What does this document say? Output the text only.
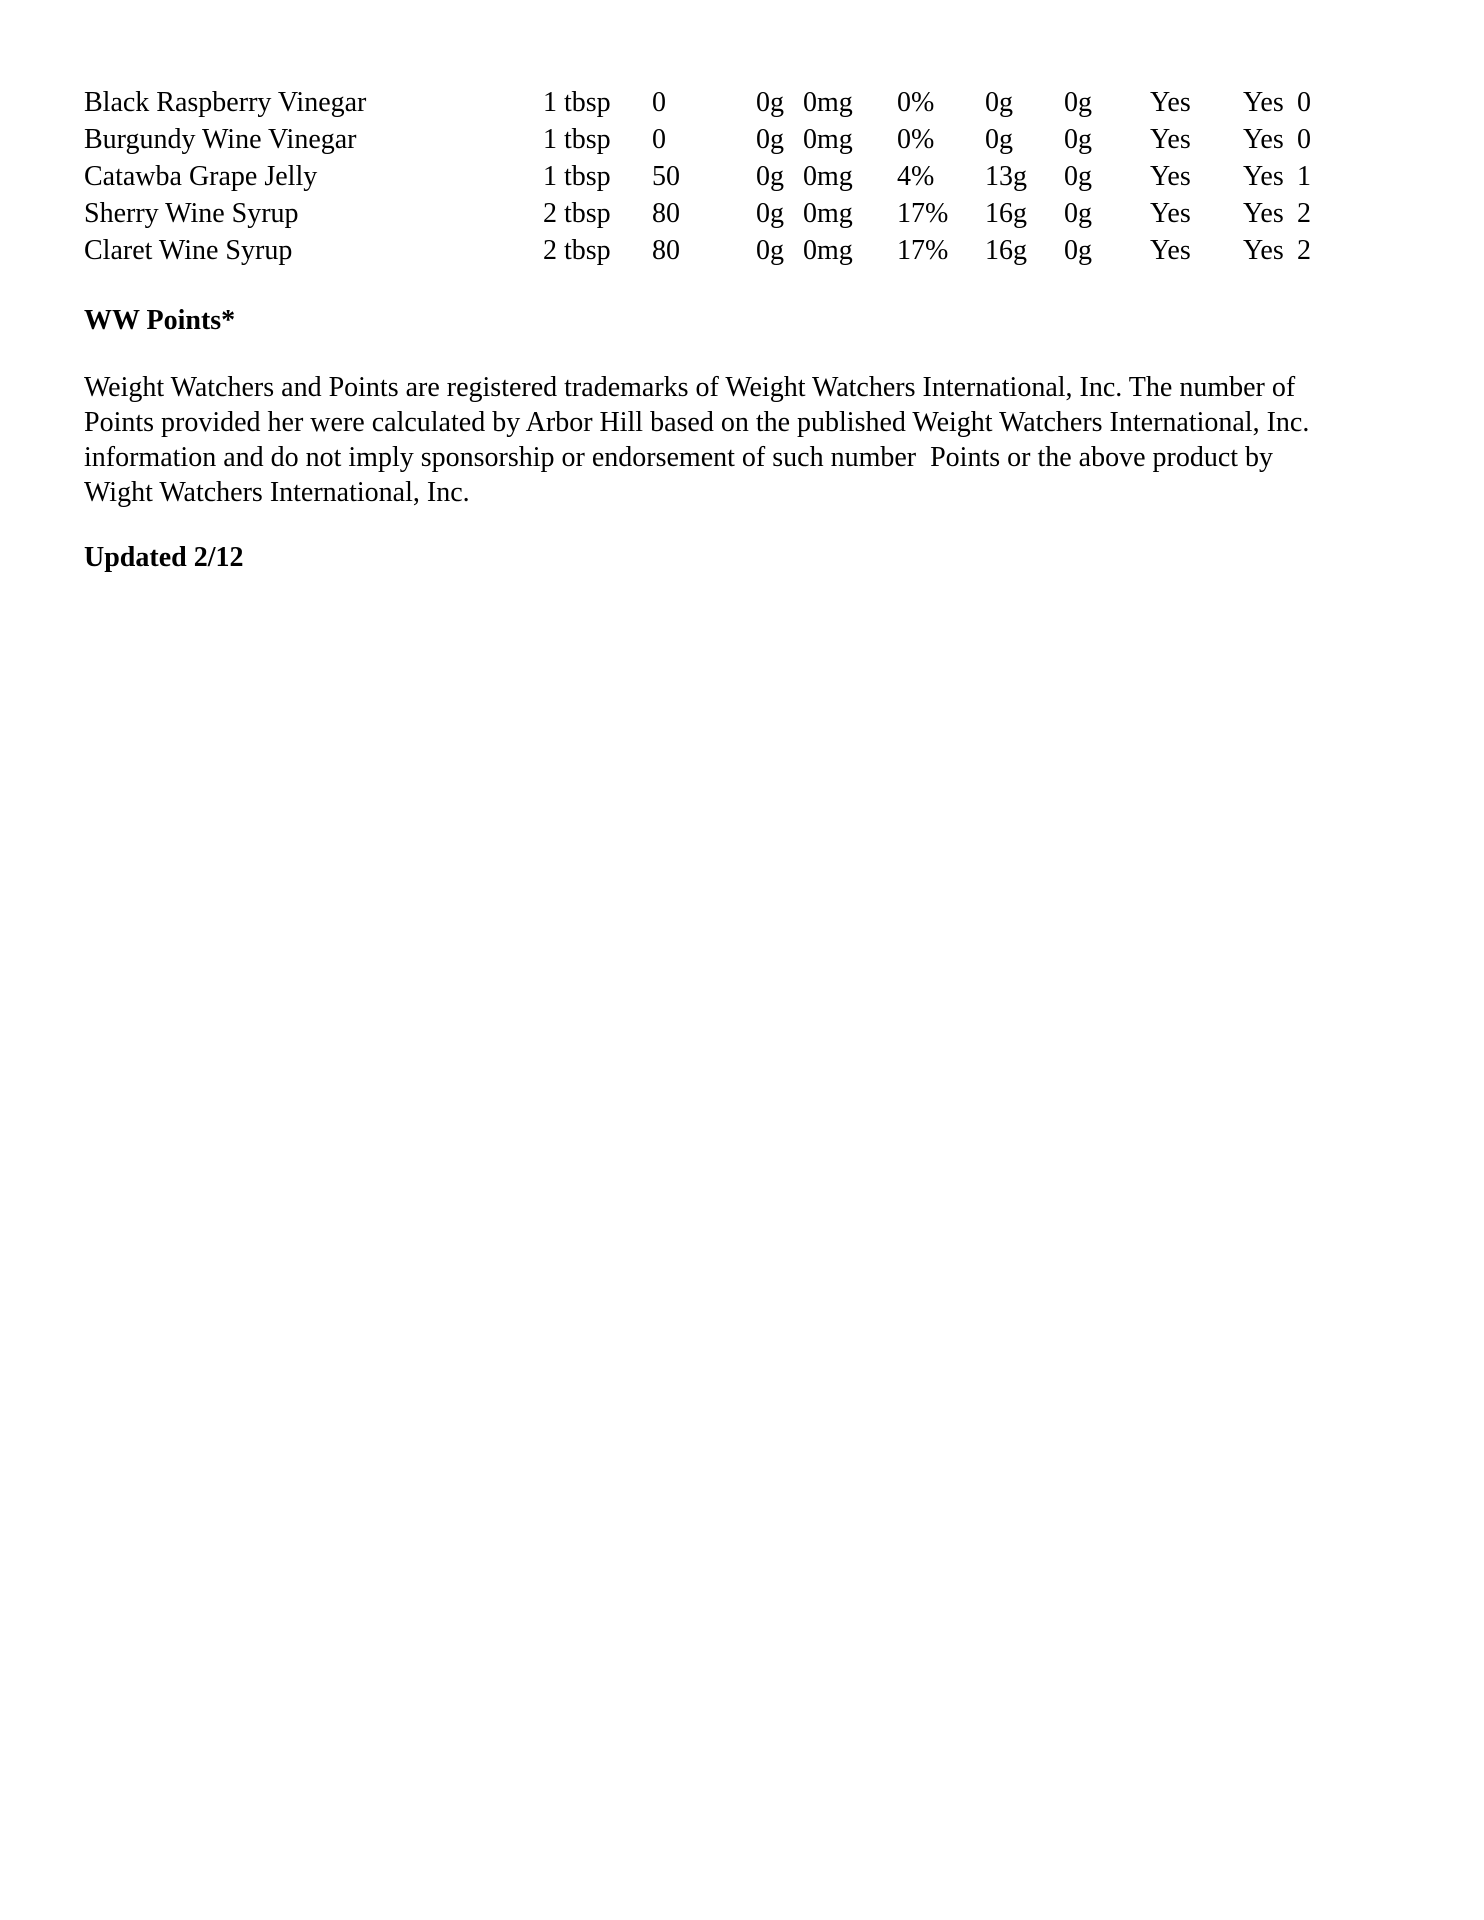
Black Raspberry Vinegar	1 tbsp	0	0g	0mg	0%	0g	0g	Yes	Yes	0
Burgundy Wine Vinegar	1 tbsp	0	0g	0mg	0%	0g	0g	Yes	Yes	0
Catawba Grape Jelly	1 tbsp	50	0g	0mg	4%	13g	0g	Yes	Yes	1
Sherry Wine Syrup	2 tbsp	80	0g	0mg	17%	16g	0g	Yes	Yes	2
Claret Wine Syrup	2 tbsp	80	0g	0mg	17%	16g	0g	Yes	Yes	2
WW Points*
Weight Watchers and Points are registered trademarks of Weight Watchers International, Inc. The number of
Points provided her were calculated by Arbor Hill based on the published Weight Watchers International, Inc.
information and do not imply sponsorship or endorsement of such number  Points or the above product by
Wight Watchers International, Inc.
Updated 2/12
